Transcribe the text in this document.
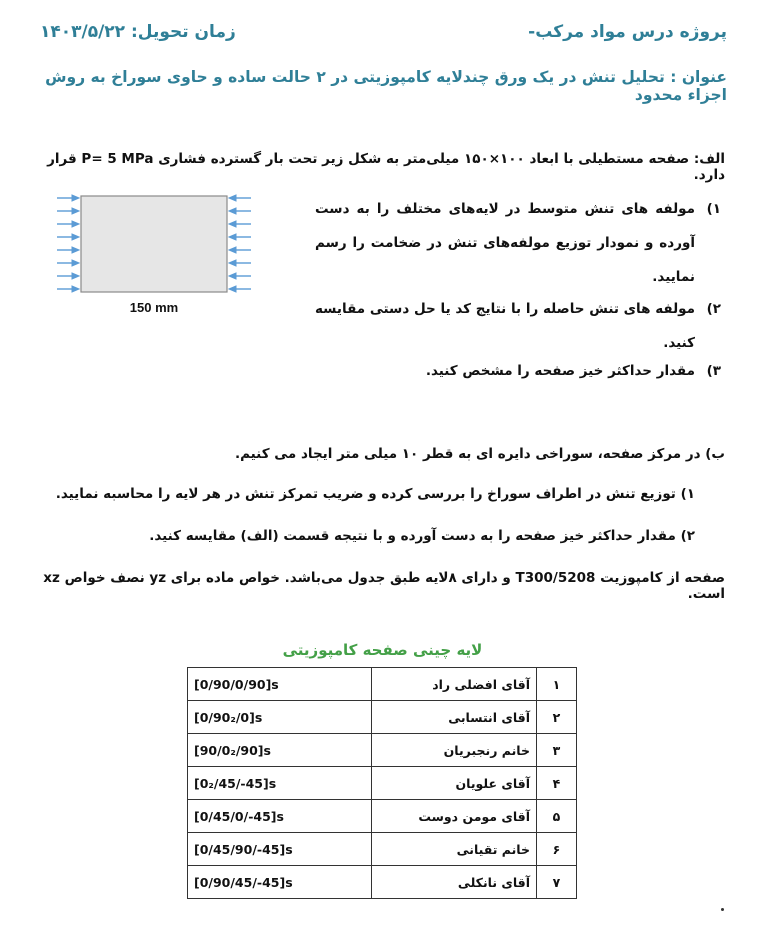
پروژه درس مواد مرکب-
زمان تحویل: ۱۴۰۳/۵/۲۲
عنوان : تحلیل تنش در یک ورق چندلایه کامپوزیتی در ۲ حالت ساده و حاوی سوراخ به روش اجزاء محدود
الف: صفحه مستطیلی با ابعاد ۱۰۰×۱۵۰ میلی‌متر به شکل زیر تحت بار گسترده فشاری P= 5 MPa قرار دارد.
۱)
مولفه های تنش متوسط در لایه‌های مختلف را به دست آورده و نمودار توزیع مولفه‌های تنش در ضخامت را رسم نمایید.
۲)
مولفه های تنش حاصله را با نتایج کد یا حل دستی مقایسه کنید.
۳)
مقدار حداکثر خیز صفحه را مشخص کنید.
150 mm
ب) در مرکز صفحه، سوراخی دایره ای به قطر ۱۰ میلی متر ایجاد می کنیم.
۱) توزیع تنش در اطراف سوراخ را بررسی کرده و ضریب تمرکز تنش در هر لایه را محاسبه نمایید.
۲) مقدار حداکثر خیز صفحه را به دست آورده و با نتیجه قسمت (الف) مقایسه کنید.
صفحه از کامپوزیت T300/5208 و دارای ۸لایه طبق جدول می‌باشد. خواص ماده برای yz نصف خواص xz است.
لایه چینی صفحه کامپوزیتی
۱	آقای افضلی راد	[0/90/0/90]s
۲	آقای انتسابی	[0/90₂/0]s
۳	خانم رنجبریان	[90/0₂/90]s
۴	آقای علویان	[0₂/45/-45]s
۵	آقای مومن دوست	[0/45/0/-45]s
۶	خانم تقیانی	[0/45/90/-45]s
۷	آقای نانکلی	[0/90/45/-45]s
